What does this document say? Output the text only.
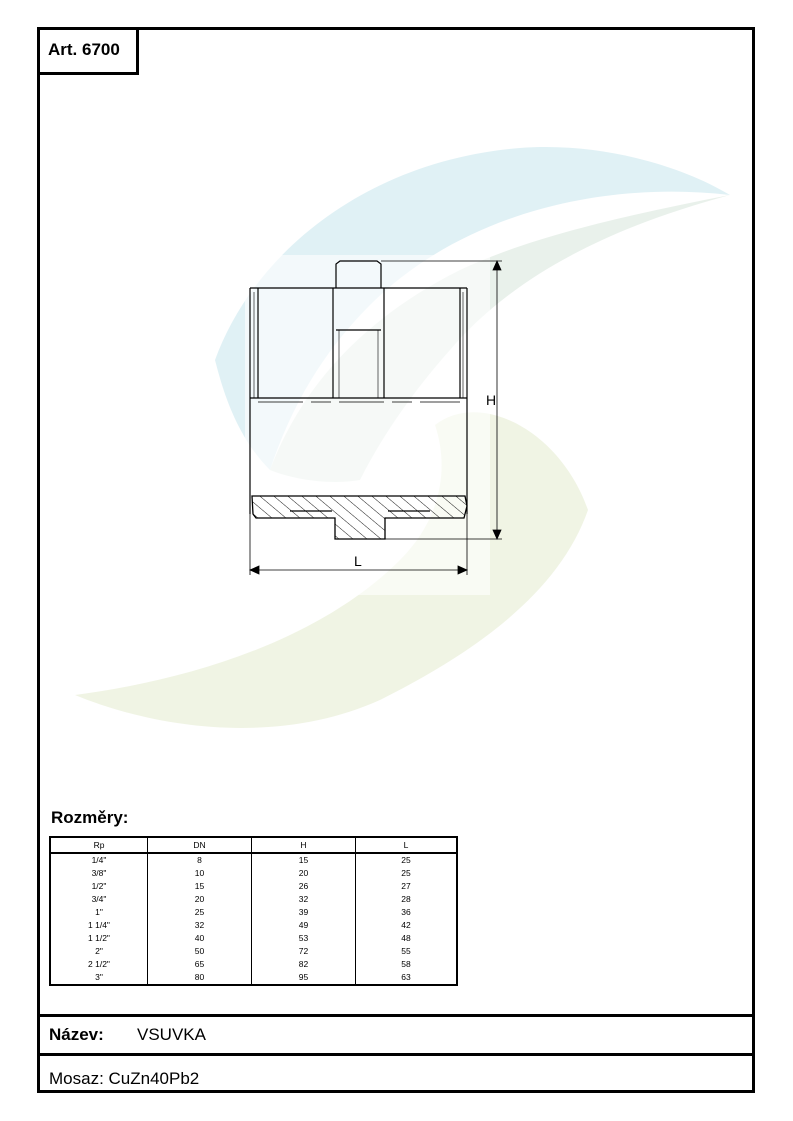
H
L
Art. 6700
Rozměry:
Rp	DN	H	L
1/4"	8	15	25
3/8"	10	20	25
1/2"	15	26	27
3/4"	20	32	28
1"	25	39	36
1 1/4"	32	49	42
1 1/2"	40	53	48
2"	50	72	55
2 1/2"	65	82	58
3"	80	95	63
Název: VSUVKA
Mosaz: CuZn40Pb2
